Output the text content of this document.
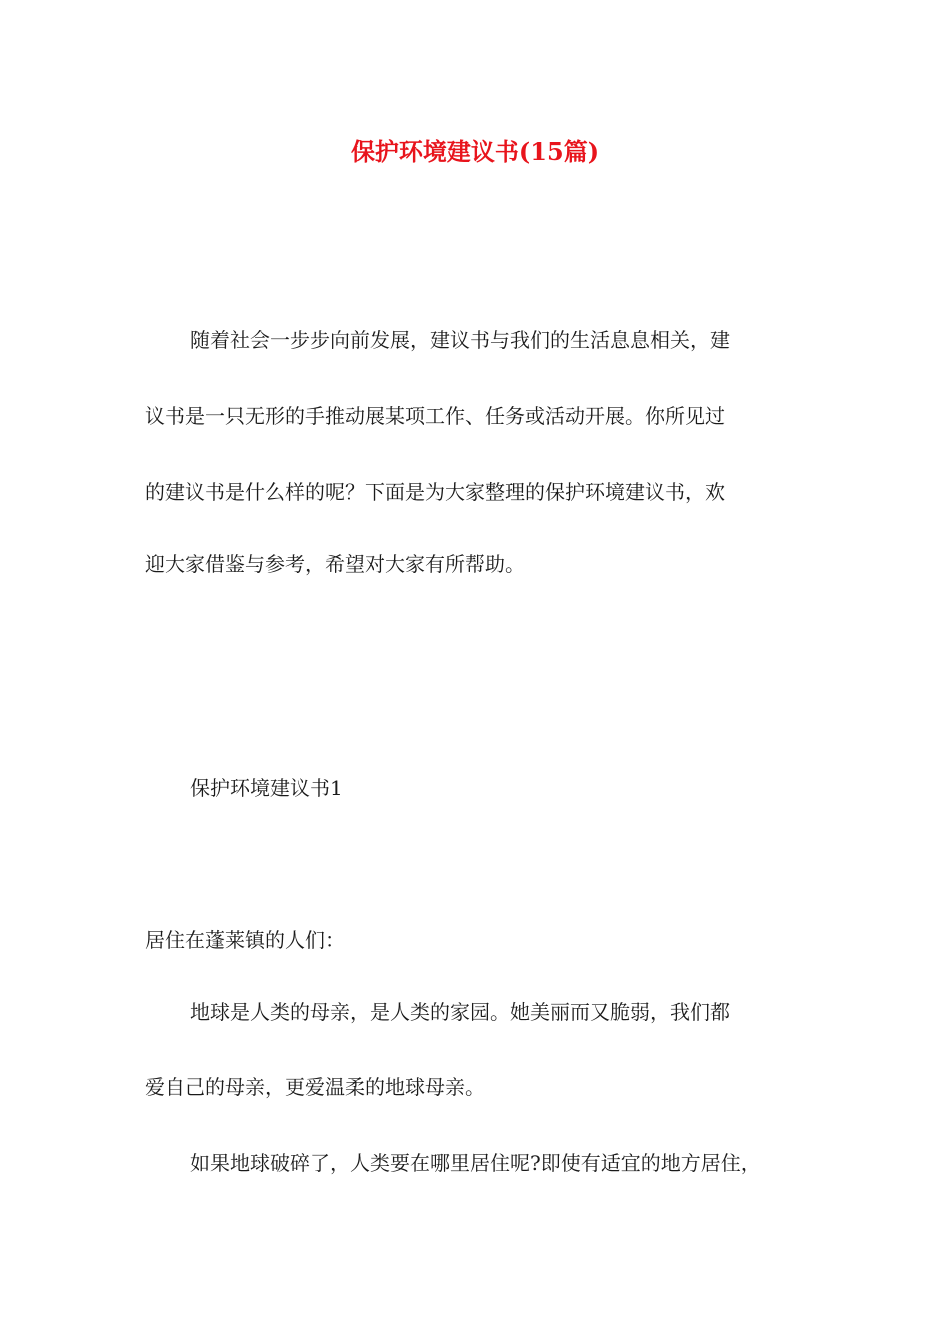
保护环境建议书(15篇)

随着社会一步步向前发展，建议书与我们的生活息息相关，建

议书是一只无形的手推动展某项工作、任务或活动开展。你所见过

的建议书是什么样的呢？下面是为大家整理的保护环境建议书，欢

迎大家借鉴与参考，希望对大家有所帮助。

保护环境建议书1

居住在蓬莱镇的人们：

地球是人类的母亲，是人类的家园。她美丽而又脆弱，我们都

爱自己的母亲，更爱温柔的地球母亲。

如果地球破碎了，人类要在哪里居住呢?即使有适宜的地方居住，
